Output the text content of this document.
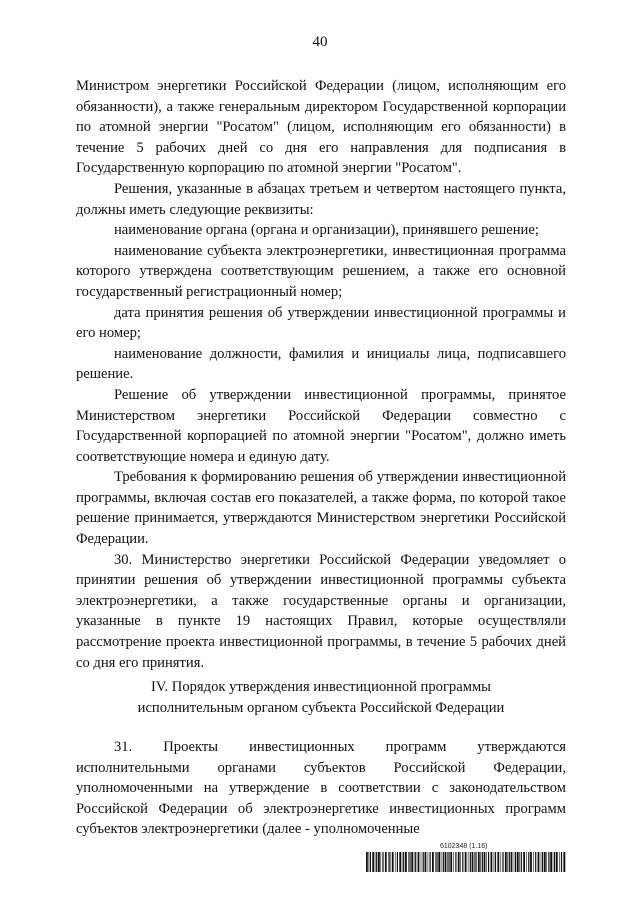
40

Министром энергетики Российской Федерации (лицом, исполняющим его обязанности), а также генеральным директором Государственной корпорации по атомной энергии "Росатом" (лицом, исполняющим его обязанности) в течение 5 рабочих дней со дня его направления для подписания в Государственную корпорацию по атомной энергии "Росатом".

Решения, указанные в абзацах третьем и четвертом настоящего пункта, должны иметь следующие реквизиты:

наименование органа (органа и организации), принявшего решение;

наименование субъекта электроэнергетики, инвестиционная программа которого утверждена соответствующим решением, а также его основной государственный регистрационный номер;

дата принятия решения об утверждении инвестиционной программы и его номер;

наименование должности, фамилия и инициалы лица, подписавшего решение.

Решение об утверждении инвестиционной программы, принятое Министерством энергетики Российской Федерации совместно с Государственной корпорацией по атомной энергии "Росатом", должно иметь соответствующие номера и единую дату.

Требования к формированию решения об утверждении инвестиционной программы, включая состав его показателей, а также форма, по которой такое решение принимается, утверждаются Министерством энергетики Российской Федерации.

30. Министерство энергетики Российской Федерации уведомляет о принятии решения об утверждении инвестиционной программы субъекта электроэнергетики, а также государственные органы и организации, указанные в пункте 19 настоящих Правил, которые осуществляли рассмотрение проекта инвестиционной программы, в течение 5 рабочих дней со дня его принятия.

IV. Порядок утверждения инвестиционной программы
исполнительным органом субъекта Российской Федерации

31. Проекты инвестиционных программ утверждаются исполнительными органами субъектов Российской Федерации, уполномоченными на утверждение в соответствии с законодательством Российской Федерации об электроэнергетике инвестиционных программ субъектов электроэнергетики (далее - уполномоченные

6102348 (1.16)
